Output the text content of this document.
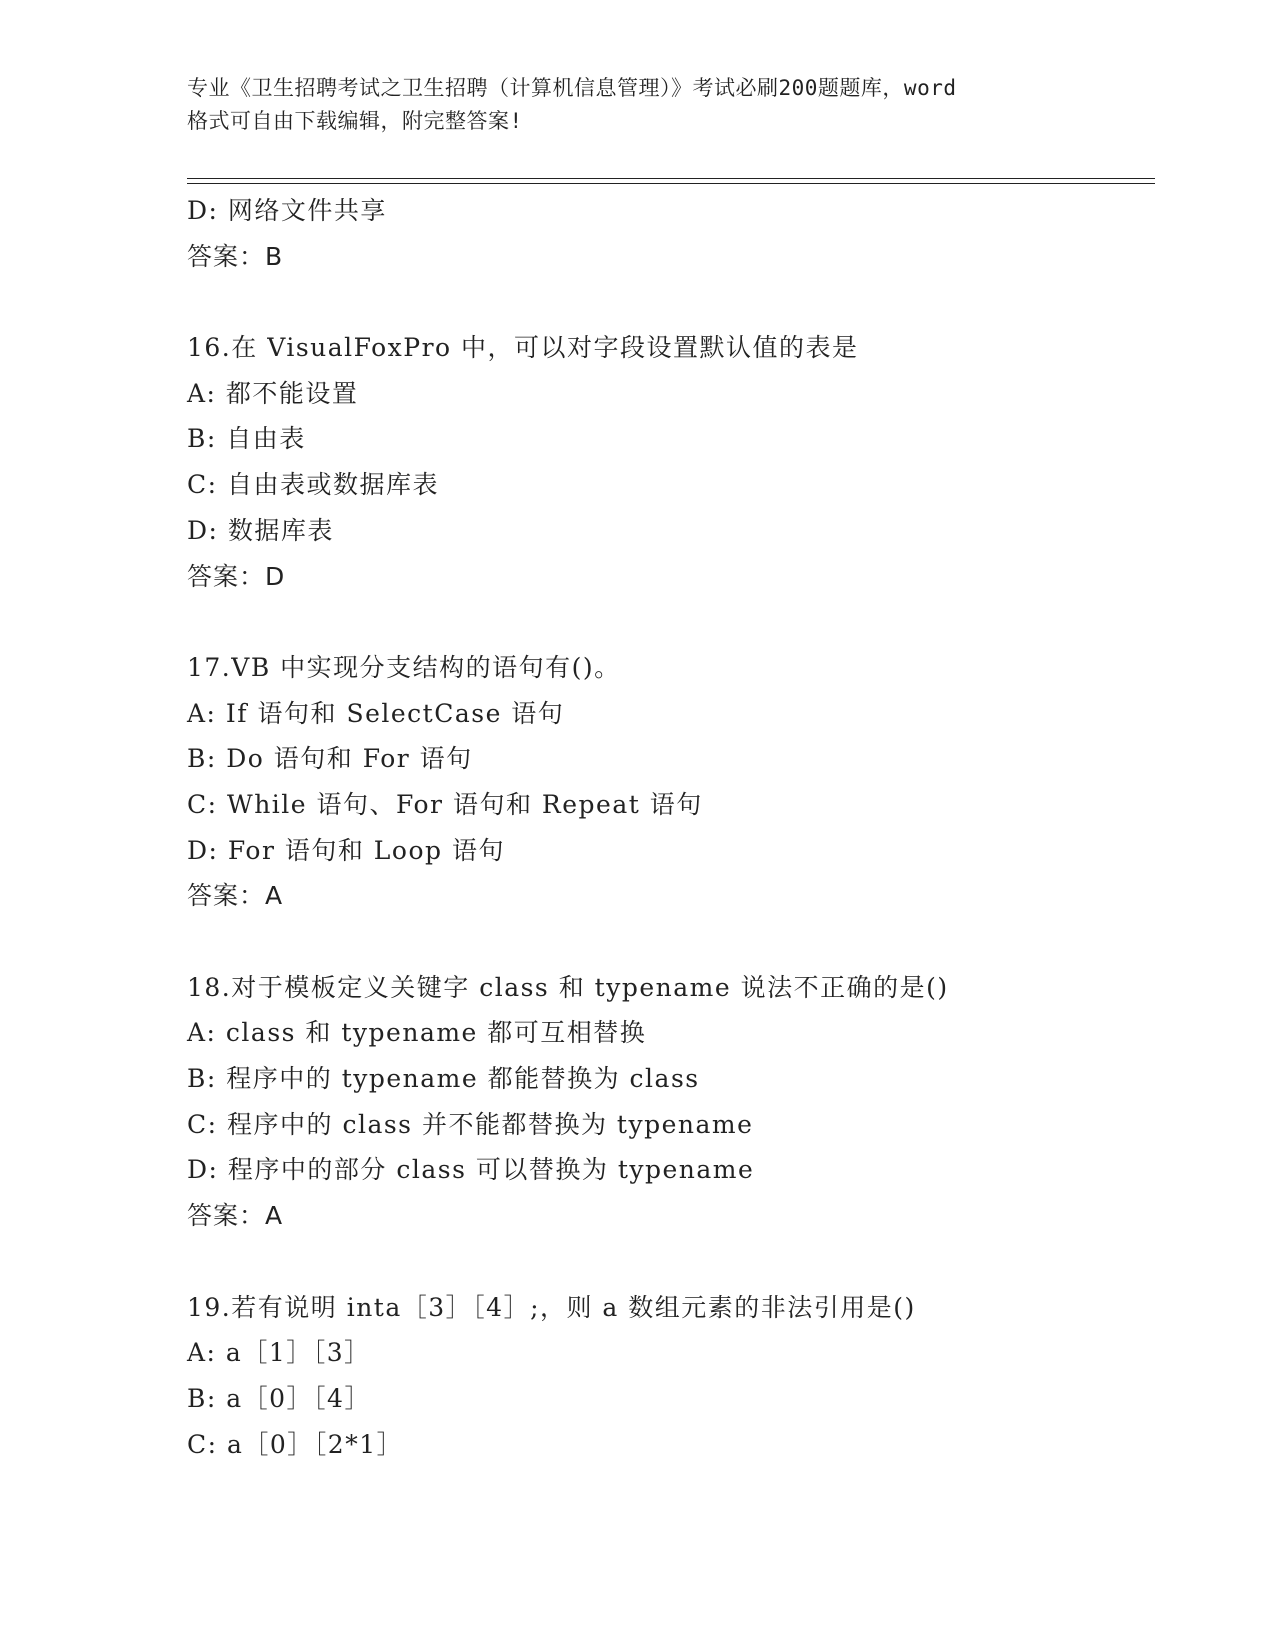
专业《卫生招聘考试之卫生招聘（计算机信息管理）》考试必刷200题题库，word
格式可自由下载编辑，附完整答案!
D: 网络文件共享
答案：B
16.在 VisualFoxPro 中，可以对字段设置默认值的表是
A: 都不能设置
B: 自由表
C: 自由表或数据库表
D: 数据库表
答案：D
17.VB 中实现分支结构的语句有()。
A: If 语句和 SelectCase 语句
B: Do 语句和 For 语句
C: While 语句、For 语句和 Repeat 语句
D: For 语句和 Loop 语句
答案：A
18.对于模板定义关键字 class 和 typename 说法不正确的是()
A: class 和 typename 都可互相替换
B: 程序中的 typename 都能替换为 class
C: 程序中的 class 并不能都替换为 typename
D: 程序中的部分 class 可以替换为 typename
答案：A
19.若有说明 inta［3］［4］;，则 a 数组元素的非法引用是()
A: a［1］［3］
B: a［0］［4］
C: a［0］［2*1］
